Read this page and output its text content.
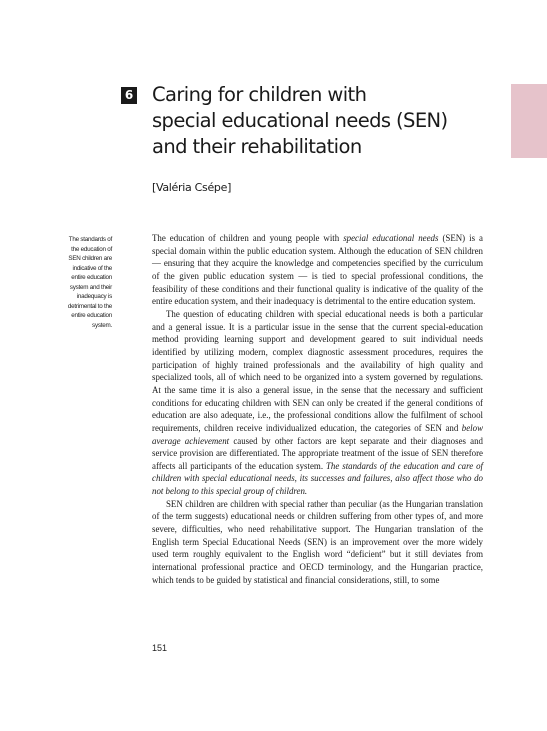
6 Caring for children with
special educational needs (SEN)
and their rehabilitation
[Valéria Csépe]
The standards of the education of SEN children are indicative of the entire education system and their inadequacy is detrimental to the entire education system.

The education of children and young people with special educational needs (SEN) is a special domain within the public education system. Although the education of SEN children — ensuring that they acquire the knowledge and competencies specified by the curriculum of the given public education system — is tied to special professional conditions, the feasibility of these conditions and their functional quality is indicative of the quality of the entire education system, and their inadequacy is detrimental to the entire education system.

The question of educating children with special educational needs is both a particular and a general issue. It is a particular issue in the sense that the current special-education method providing learning support and development geared to suit individual needs identified by utilizing modern, complex diagnostic assessment procedures, requires the participation of highly trained professionals and the availability of high quality and specialized tools, all of which need to be organized into a system governed by regulations. At the same time it is also a general issue, in the sense that the necessary and sufficient conditions for educating children with SEN can only be created if the general conditions of education are also adequate, i.e., the professional conditions allow the fulfilment of school requirements, children receive individualized education, the categories of SEN and below average achievement caused by other factors are kept separate and their diagnoses and service provision are differentiated. The appropriate treatment of the issue of SEN therefore affects all participants of the education system. The standards of the education and care of children with special educational needs, its successes and failures, also affect those who do not belong to this special group of children.

SEN children are children with special rather than peculiar (as the Hungarian translation of the term suggests) educational needs or children suffering from other types of, and more severe, difficulties, who need rehabilitative support. The Hungarian translation of the English term Special Educational Needs (SEN) is an improvement over the more widely used term roughly equivalent to the English word “deficient” but it still deviates from international professional practice and OECD terminology, and the Hungarian practice, which tends to be guided by statistical and financial considerations, still, to some

151
